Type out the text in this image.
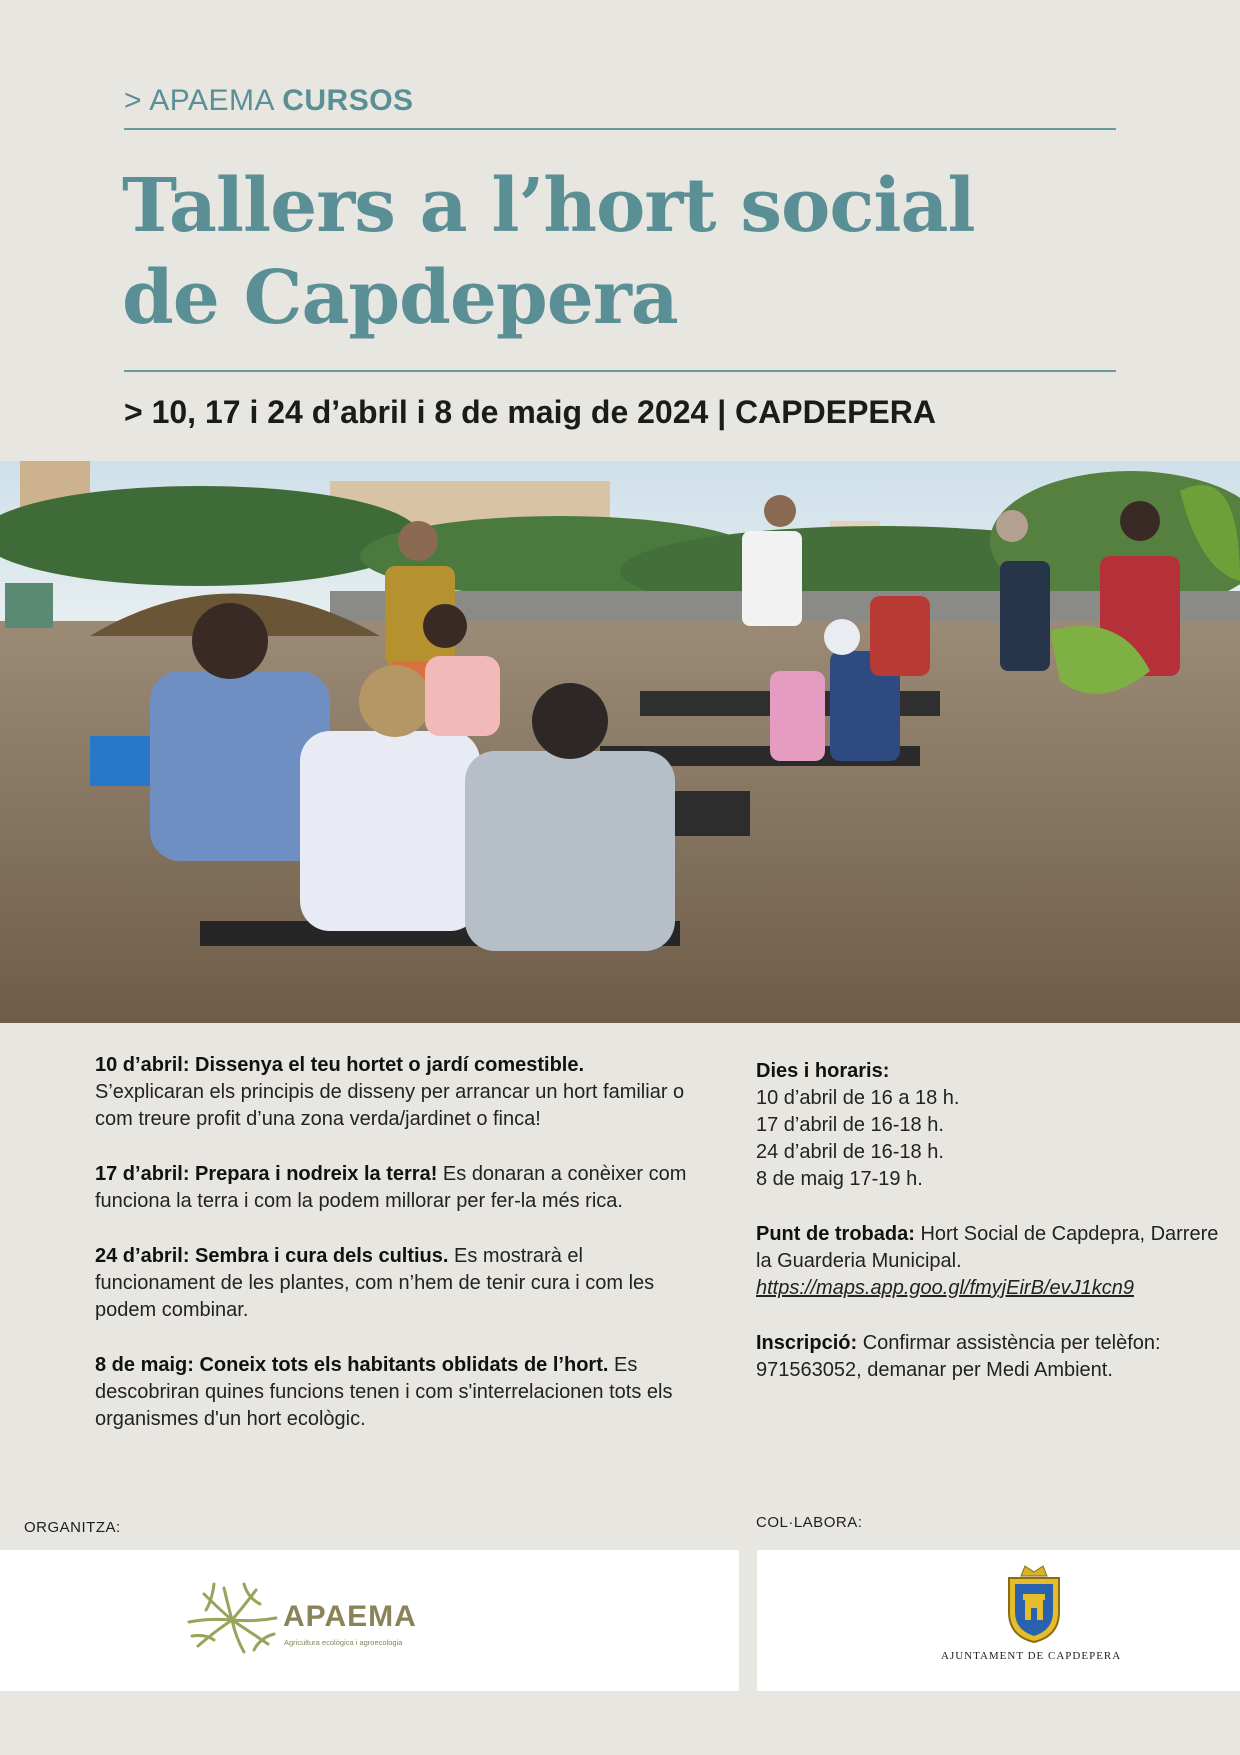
> APAEMA CURSOS
Tallers a l’hort social
de Capdepera
> 10, 17 i 24 d’abril i 8 de maig de 2024 | CAPDEPERA

10 d’abril: Dissenya el teu hortet o jardí comestible. S’explicaran els principis de disseny per arrancar un hort familiar o com treure profit d’una zona verda/jardinet o finca!

17 d’abril: Prepara i nodreix la terra! Es donaran a conèixer com funciona la terra i com la podem millorar per fer-la més rica.

24 d’abril: Sembra i cura dels cultius. Es mostrarà el funcionament de les plantes, com n’hem de tenir cura i com les podem combinar.

8 de maig: Coneix tots els habitants oblidats de l’hort. Es descobriran quines funcions tenen i com s'interrelacionen tots els organismes d'un hort ecològic.

Dies i horaris:
10 d’abril de 16 a 18 h.
17 d’abril de 16-18 h.
24 d’abril de 16-18 h.
8 de maig 17-19 h.

Punt de trobada: Hort Social de Capdepra, Darrere la Guarderia Municipal.
https://maps.app.goo.gl/fmyjEirB/evJ1kcn9

Inscripció: Confirmar assistència per telèfon: 971563052, demanar per Medi Ambient.

ORGANITZA:	COL·LABORA:
APAEMA
Agricultura ecològica i agroecologia
AJUNTAMENT DE CAPDEPERA
